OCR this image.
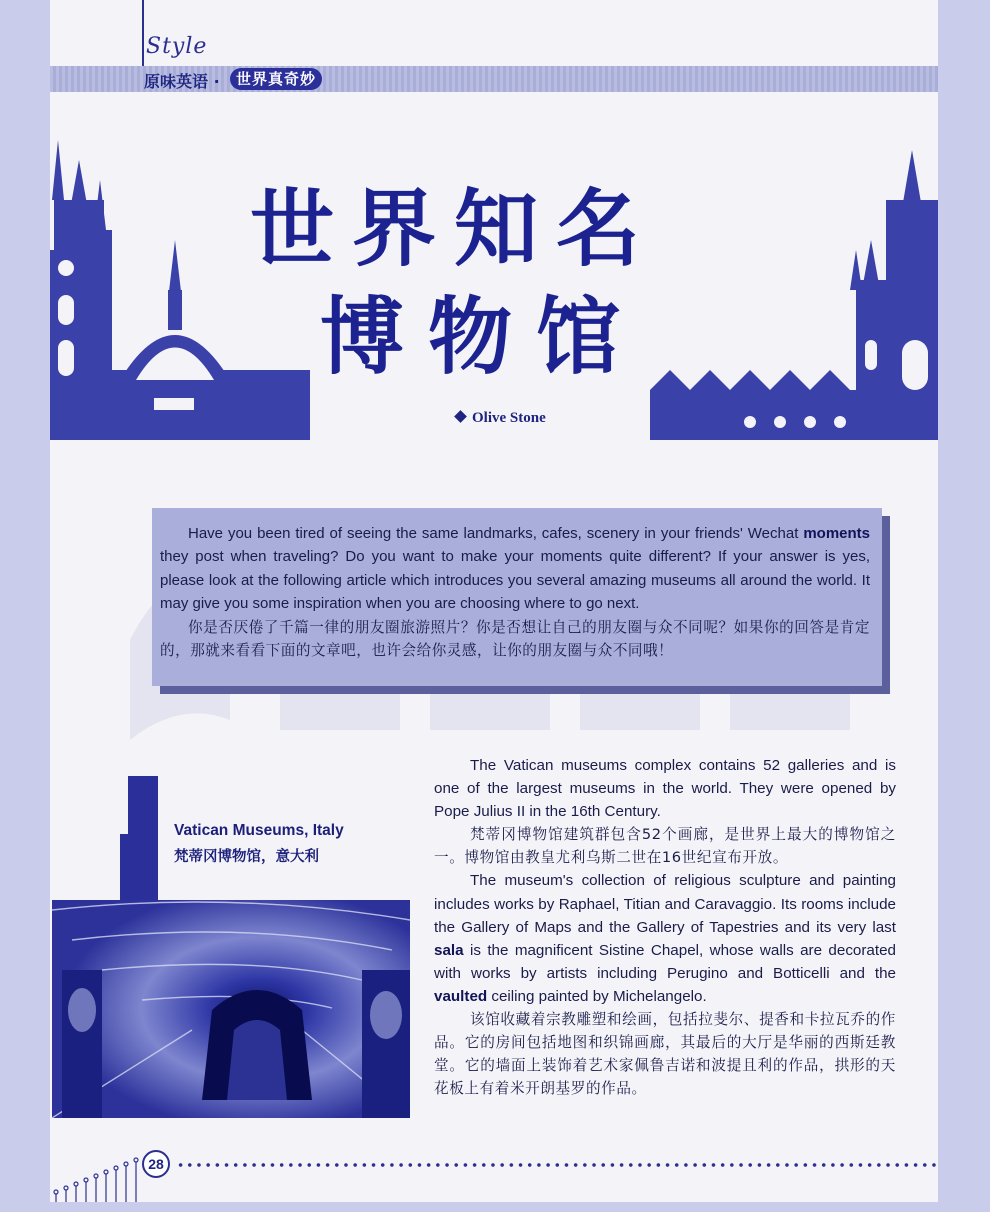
Style
原味英语 ·	世界真奇妙
世界知名
博物馆
Olive Stone

Have you been tired of seeing the same landmarks, cafes, scenery in your friends' Wechat moments they post when traveling? Do you want to make your moments quite different? If your answer is yes, please look at the following article which introduces you several amazing museums all around the world. It may give you some inspiration when you are choosing where to go next.

你是否厌倦了千篇一律的朋友圈旅游照片？你是否想让自己的朋友圈与众不同呢？如果你的回答是肯定的，那就来看看下面的文章吧，也许会给你灵感，让你的朋友圈与众不同哦！

Vatican Museums, Italy
梵蒂冈博物馆，意大利

The Vatican museums complex contains 52 galleries and is one of the largest museums in the world. They were opened by Pope Julius II in the 16th Century.

梵蒂冈博物馆建筑群包含52个画廊，是世界上最大的博物馆之一。博物馆由教皇尤利乌斯二世在16世纪宣布开放。

The museum's collection of religious sculpture and painting includes works by Raphael, Titian and Caravaggio. Its rooms include the Gallery of Maps and the Gallery of Tapestries and its very last sala is the magnificent Sistine Chapel, whose walls are decorated with works by artists including Perugino and Botticelli and the vaulted ceiling painted by Michelangelo.

该馆收藏着宗教雕塑和绘画，包括拉斐尔、提香和卡拉瓦乔的作品。它的房间包括地图和织锦画廊，其最后的大厅是华丽的西斯廷教堂。它的墙面上装饰着艺术家佩鲁吉诺和波提且利的作品，拱形的天花板上有着米开朗基罗的作品。

28
